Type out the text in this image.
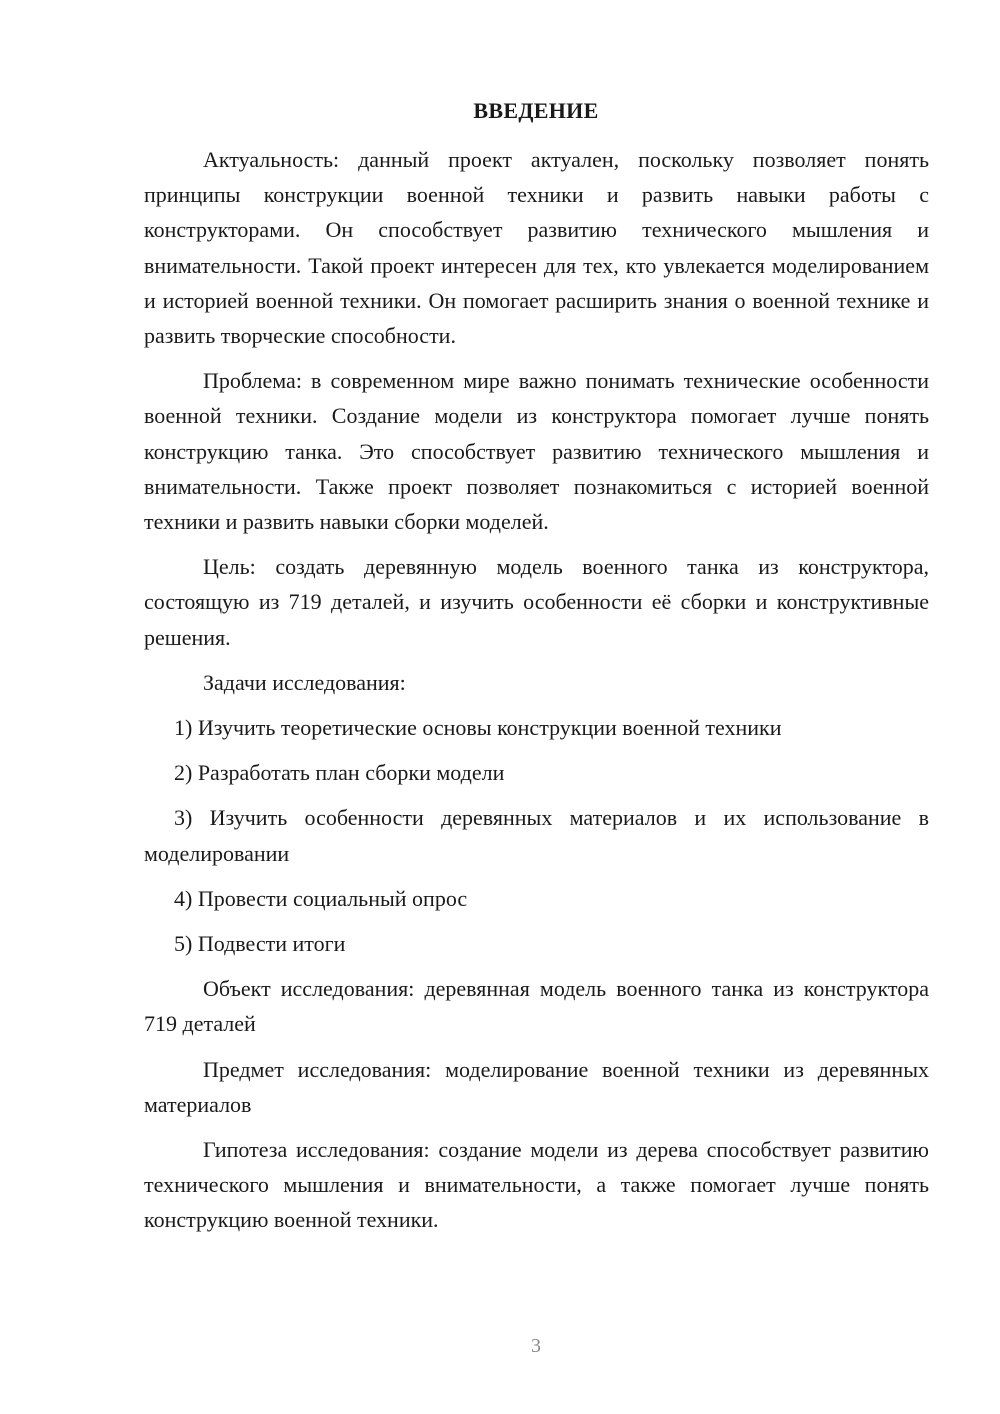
ВВЕДЕНИЕ

Актуальность: данный проект актуален, поскольку позволяет понять принципы конструкции военной техники и развить навыки работы с конструкторами. Он способствует развитию технического мышления и внимательности. Такой проект интересен для тех, кто увлекается моделированием и историей военной техники. Он помогает расширить знания о военной технике и развить творческие способности.

Проблема: в современном мире важно понимать технические особенности военной техники. Создание модели из конструктора помогает лучше понять конструкцию танка. Это способствует развитию технического мышления и внимательности. Также проект позволяет познакомиться с историей военной техники и развить навыки сборки моделей.

Цель: создать деревянную модель военного танка из конструктора, состоящую из 719 деталей, и изучить особенности её сборки и конструктивные решения.

Задачи исследования:

1) Изучить теоретические основы конструкции военной техники

2) Разработать план сборки модели

3) Изучить особенности деревянных материалов и их использование в моделировании

4) Провести социальный опрос

5) Подвести итоги

Объект исследования: деревянная модель военного танка из конструктора 719 деталей

Предмет исследования: моделирование военной техники из деревянных материалов

Гипотеза исследования: создание модели из дерева способствует развитию технического мышления и внимательности, а также помогает лучше понять конструкцию военной техники.

3
